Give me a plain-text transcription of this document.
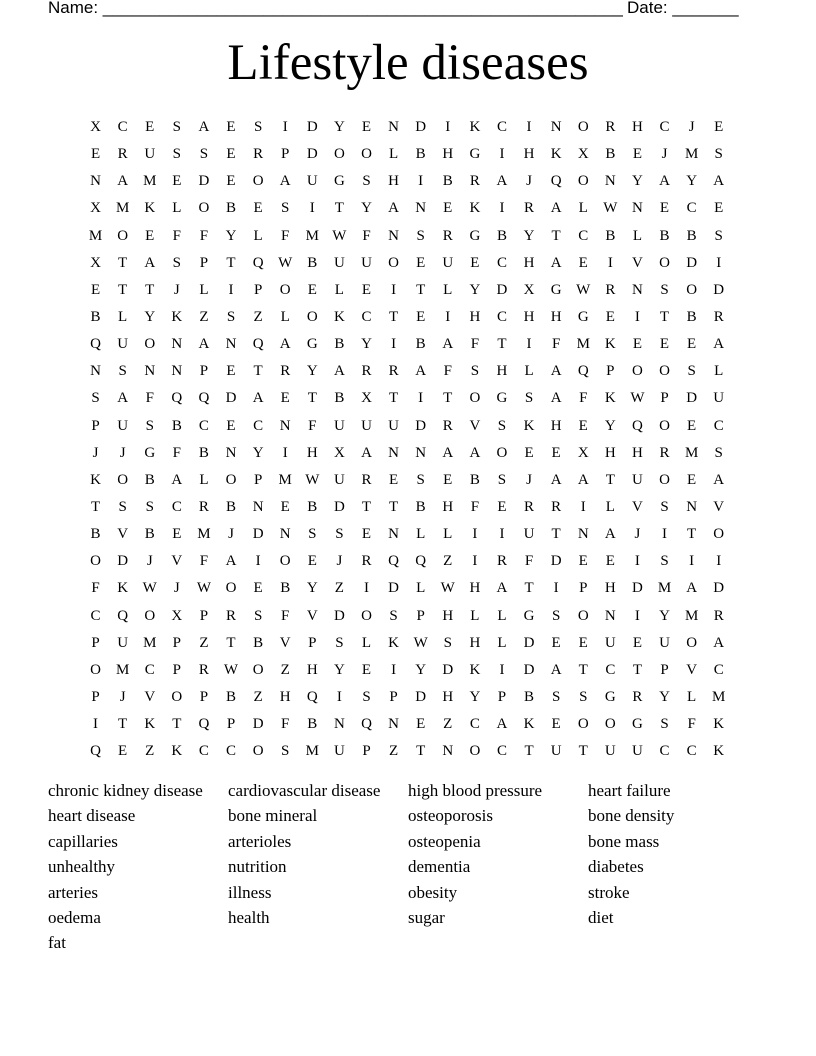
Name: _______________________________________________________

Date: _______

Lifestyle diseases
X	C	E	S	A	E	S	I	D	Y	E	N	D	I	K	C	I	N	O	R	H	C	J	E
E	R	U	S	S	E	R	P	D	O	O	L	B	H	G	I	H	K	X	B	E	J	M	S
N	A	M	E	D	E	O	A	U	G	S	H	I	B	R	A	J	Q	O	N	Y	A	Y	A
X	M	K	L	O	B	E	S	I	T	Y	A	N	E	K	I	R	A	L	W N	E	C	E
M	O	E	F	F	Y	L	F	M W	F	N	S	R	G	B	Y	T	C	B	L	B	B	S
X	T	A	S	P	T	Q W	B	U	U	O	E	U	E	C	H	A	E	I	V	O	D	I
E	T	T	J	L	I	P	O	E	L	E	I	T	L	Y	D	X	G W	R	N	S	O	D
B	L	Y	K	Z	S	Z	L	O	K	C	T	E	I	H	C	H	H	G	E	I	T	B	R
Q	U	O	N	A	N	Q	A	G	B	Y	I	B	A	F	T	I	F	M	K	E	E	E	A
N	S	N	N	P	E	T	R	Y	A	R	R	A	F	S	H	L	A	Q	P	O	O	S	L
S	A	F	Q	Q	D	A	E	T	B	X	T	I	T	O	G	S	A	F	K W	P	D	U
P	U	S	B	C	E	C	N	F	U	U	U	D	R	V	S	K	H	E	Y	Q	O	E	C
J	J	G	F	B	N	Y	I	H	X	A	N	N	A	A	O	E	E	X	H	H	R	M	S
K	O	B	A	L	O	P	M W U	R	E	S	E	B	S	J	A	A	T	U	O	E	A
T	S	S	C	R	B	N	E	B	D	T	T	B	H	F	E	R	R	I	L	V	S	N	V
B	V	B	E	M	J	D	N	S	S	E	N	L	L	I	I	U	T	N	A	J	I	T	O
O	D	J	V	F	A	I	O	E	J	R	Q	Q	Z	I	R	F	D	E	E	I	S	I	I
F	K W	J	W O	E	B	Y	Z	I	D	L	W H	A	T	I	P	H	D	M	A	D
C	Q	O	X	P	R	S	F	V	D	O	S	P	H	L	L	G	S	O	N	I	Y	M	R
P	U	M	P	Z	T	B	V	P	S	L	K W	S	H	L	D	E	E	U	E	U	O	A
O	M	C	P	R	W O	Z	H	Y	E	I	Y	D	K	I	D	A	T	C	T	P	V	C
P	J	V	O	P	B	Z	H	Q	I	S	P	D	H	Y	P	B	S	S	G	R	Y	L	M
I	T	K	T	Q	P	D	F	B	N	Q	N	E	Z	C	A	K	E	O	O	G	S	F	K
Q	E	Z	K	C	C	O	S	M	U	P	Z	T	N	O	C	T	U	T	U	U	C	C	K
chronic kidney disease	cardiovascular disease	high blood pressure	heart failure
heart disease	bone mineral	osteoporosis	bone density
capillaries	arterioles	osteopenia	bone mass
unhealthy	nutrition	dementia	diabetes
arteries	illness	obesity	stroke
oedema	health	sugar	diet
fat
